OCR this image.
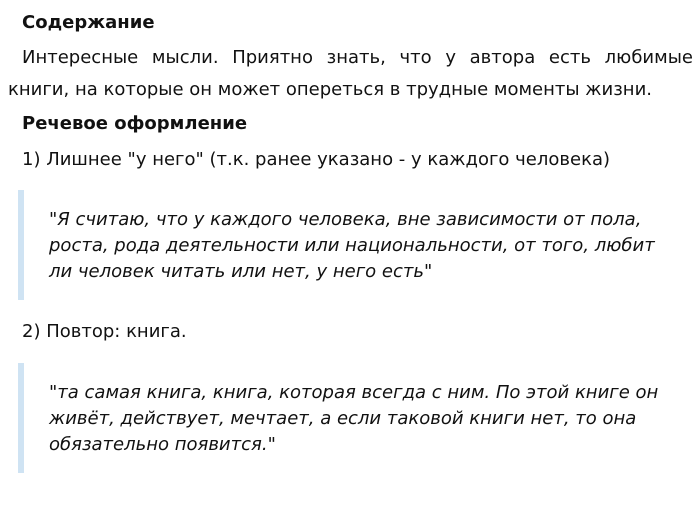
Содержание

Интересные мысли. Приятно знать, что у автора есть любимые книги, на которые он может опереться в трудные моменты жизни.

Речевое оформление

1) Лишнее "у него" (т.к. ранее указано - у каждого человека)

"Я считаю, что у каждого человека, вне зависимости от пола, роста, рода деятельности или национальности, от того, любит ли человек читать или нет, у него есть"

2) Повтор: книга.

"та самая книга, книга, которая всегда с ним. По этой книге он живёт, действует, мечтает, а если таковой книги нет, то она обязательно появится."
